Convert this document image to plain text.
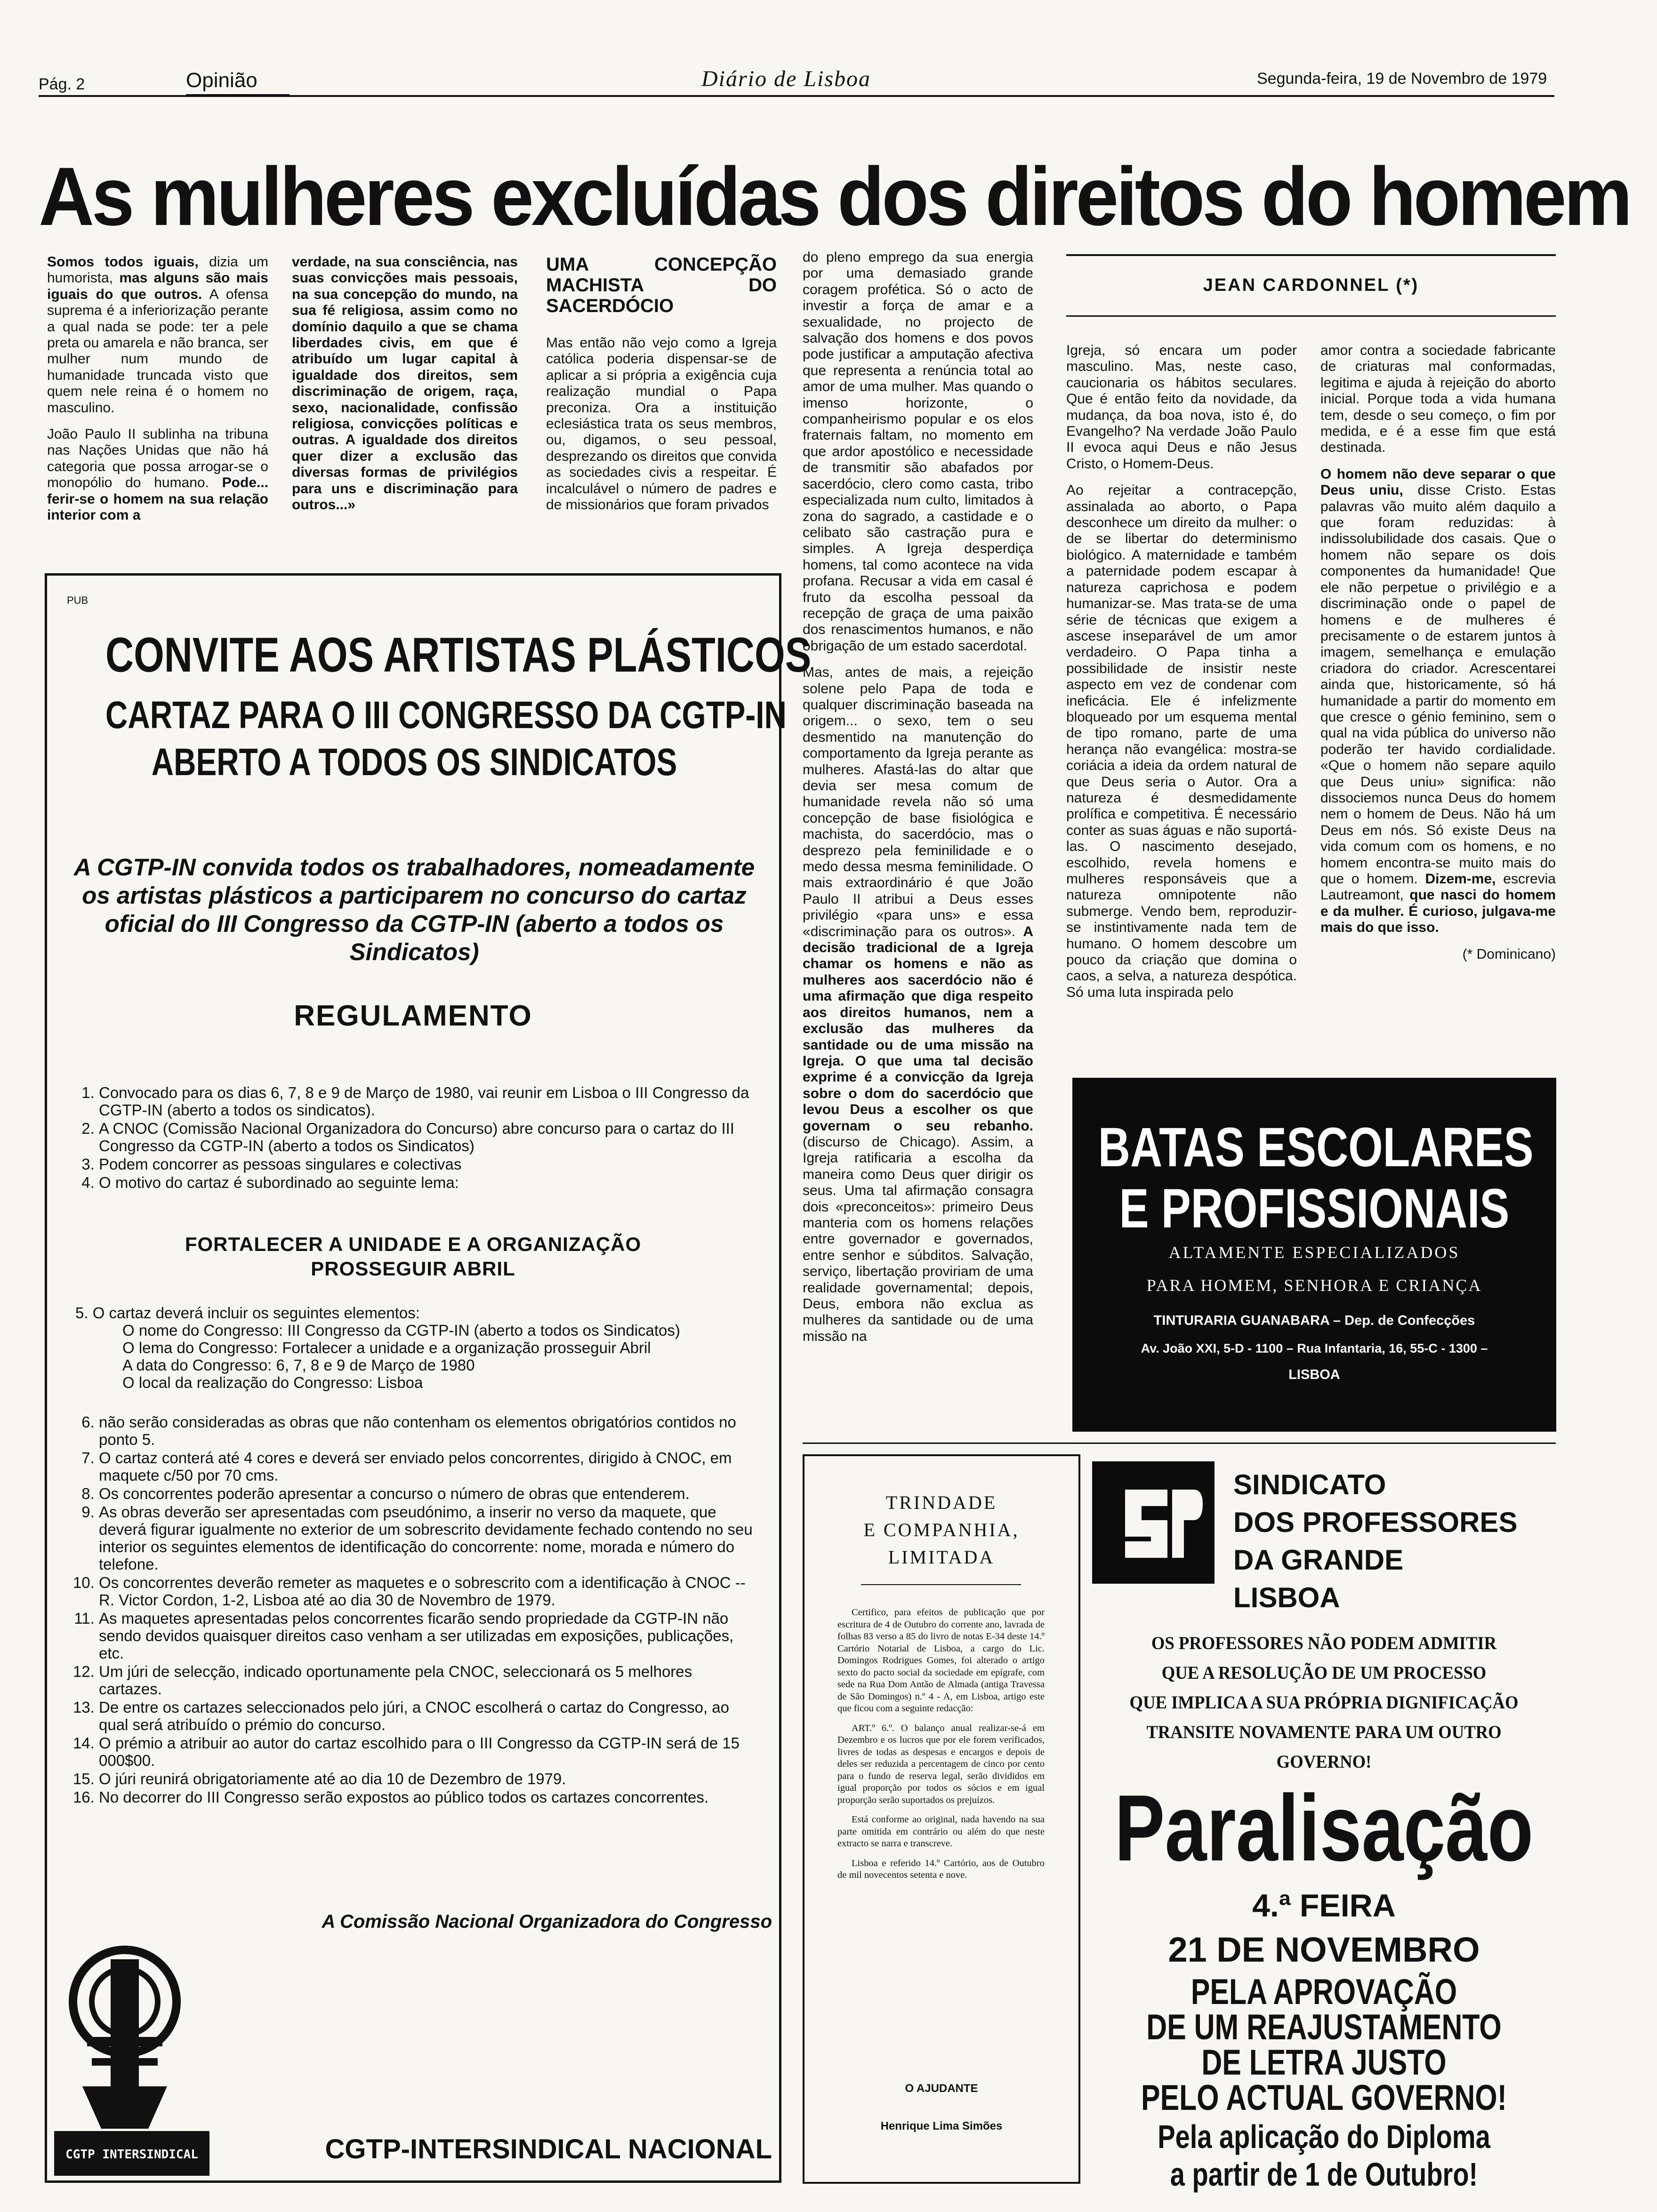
Pág. 2	Opinião	Diário de Lisboa	Segunda-feira, 19 de Novembro de 1979
As mulheres excluídas dos direitos do homem

Somos todos iguais, dizia um humorista, mas alguns são mais iguais do que outros. A ofensa suprema é a inferiorização perante a qual nada se pode: ter a pele preta ou amarela e não branca, ser mulher num mundo de humanidade truncada visto que quem nele reina é o homem no masculino.

João Paulo II sublinha na tribuna nas Nações Unidas que não há categoria que possa arrogar-se o monopólio do humano. Pode... ferir-se o homem na sua relação interior com a

verdade, na sua consciência, nas suas convicções mais pessoais, na sua concepção do mundo, na sua fé religiosa, assim como no domínio daquilo a que se chama liberdades civis, em que é atribuído um lugar capital à igualdade dos direitos, sem discriminação de origem, raça, sexo, nacionalidade, confissão religiosa, convicções políticas e outras. A igualdade dos direitos quer dizer a exclusão das diversas formas de privilégios para uns e discriminação para outros...»
UMA CONCEPÇÃO MACHISTA DO SACERDÓCIO
Mas então não vejo como a Igreja católica poderia dispensar-se de aplicar a si própria a exigência cuja realização mundial o Papa preconiza. Ora a instituição eclesiástica trata os seus membros, ou, digamos, o seu pessoal, desprezando os direitos que convida as sociedades civis a respeitar. É incalculável o número de padres e de missionários que foram privados

do pleno emprego da sua energia por uma demasiado grande coragem profética. Só o acto de investir a força de amar e a sexualidade, no projecto de salvação dos homens e dos povos pode justificar a amputação afectiva que representa a renúncia total ao amor de uma mulher. Mas quando o imenso horizonte, o companheirismo popular e os elos fraternais faltam, no momento em que ardor apostólico e necessidade de transmitir são abafados por sacerdócio, clero como casta, tribo especializada num culto, limitados à zona do sagrado, a castidade e o celibato são castração pura e simples. A Igreja desperdiça homens, tal como acontece na vida profana. Recusar a vida em casal é fruto da escolha pessoal da recepção de graça de uma paixão dos renascimentos humanos, e não obrigação de um estado sacerdotal.

Mas, antes de mais, a rejeição solene pelo Papa de toda e qualquer discriminação baseada na origem... o sexo, tem o seu desmentido na manutenção do comportamento da Igreja perante as mulheres. Afastá-las do altar que devia ser mesa comum de humanidade revela não só uma concepção de base fisiológica e machista, do sacerdócio, mas o desprezo pela feminilidade e o medo dessa mesma feminilidade. O mais extraordinário é que João Paulo II atribui a Deus esses privilégio «para uns» e essa «discriminação para os outros». A decisão tradicional de a Igreja chamar os homens e não as mulheres aos sacerdócio não é uma afirmação que diga respeito aos direitos humanos, nem a exclusão das mulheres da santidade ou de uma missão na Igreja. O que uma tal decisão exprime é a convicção da Igreja sobre o dom do sacerdócio que levou Deus a escolher os que governam o seu rebanho. (discurso de Chicago). Assim, a Igreja ratificaria a escolha da maneira como Deus quer dirigir os seus. Uma tal afirmação consagra dois «preconceitos»: primeiro Deus manteria com os homens relações entre governador e governados, entre senhor e súbditos. Salvação, serviço, libertação proviriam de uma realidade governamental; depois, Deus, embora não exclua as mulheres da santidade ou de uma missão na

JEAN CARDONNEL (*)

Igreja, só encara um poder masculino. Mas, neste caso, caucionaria os hábitos seculares. Que é então feito da novidade, da mudança, da boa nova, isto é, do Evangelho? Na verdade João Paulo II evoca aqui Deus e não Jesus Cristo, o Homem-Deus.

Ao rejeitar a contracepção, assinalada ao aborto, o Papa desconhece um direito da mulher: o de se libertar do determinismo biológico. A maternidade e também a paternidade podem escapar à natureza caprichosa e podem humanizar-se. Mas trata-se de uma série de técnicas que exigem a ascese inseparável de um amor verdadeiro. O Papa tinha a possibilidade de insistir neste aspecto em vez de condenar com ineficácia. Ele é infelizmente bloqueado por um esquema mental de tipo romano, parte de uma herança não evangélica: mostra-se coriácia a ideia da ordem natural de que Deus seria o Autor. Ora a natureza é desmedidamente prolífica e competitiva. É necessário conter as suas águas e não suportá-las. O nascimento desejado, escolhido, revela homens e mulheres responsáveis que a natureza omnipotente não submerge. Vendo bem, reproduzir-se instintivamente nada tem de humano. O homem descobre um pouco da criação que domina o caos, a selva, a natureza despótica. Só uma luta inspirada pelo

amor contra a sociedade fabricante de criaturas mal conformadas, legitima e ajuda à rejeição do aborto inicial. Porque toda a vida humana tem, desde o seu começo, o fim por medida, e é a esse fim que está destinada.

O homem não deve separar o que Deus uniu, disse Cristo. Estas palavras vão muito além daquilo a que foram reduzidas: à indissolubilidade dos casais. Que o homem não separe os dois componentes da humanidade! Que ele não perpetue o privilégio e a discriminação onde o papel de homens e de mulheres é precisamente o de estarem juntos à imagem, semelhança e emulação criadora do criador. Acrescentarei ainda que, historicamente, só há humanidade a partir do momento em que cresce o génio feminino, sem o qual na vida pública do universo não poderão ter havido cordialidade. «Que o homem não separe aquilo que Deus uniu» significa: não dissociemos nunca Deus do homem nem o homem de Deus. Não há um Deus em nós. Só existe Deus na vida comum com os homens, e no homem encontra-se muito mais do que o homem. Dizem-me, escrevia Lautreamont, que nasci do homem e da mulher. É curioso, julgava-me mais do que isso.

(* Dominicano)
PUB
CONVITE AOS ARTISTAS PLÁSTICOS
CARTAZ PARA O III CONGRESSO DA CGTP-IN
ABERTO A TODOS OS SINDICATOS
A CGTP-IN convida todos os trabalhadores, nomeadamente os artistas plásticos a participarem no concurso do cartaz oficial do III Congresso da CGTP-IN (aberto a todos os Sindicatos)
REGULAMENTO
1. Convocado para os dias 6, 7, 8 e 9 de Março de 1980, vai reunir em Lisboa o III Congresso da CGTP-IN (aberto a todos os sindicatos).
2. A CNOC (Comissão Nacional Organizadora do Concurso) abre concurso para o cartaz do III Congresso da CGTP-IN (aberto a todos os Sindicatos)
3. Podem concorrer as pessoas singulares e colectivas
4. O motivo do cartaz é subordinado ao seguinte lema:
FORTALECER A UNIDADE E A ORGANIZAÇÃO
PROSSEGUIR ABRIL
5. O cartaz deverá incluir os seguintes elementos:
O nome do Congresso: III Congresso da CGTP-IN (aberto a todos os Sindicatos)
O lema do Congresso: Fortalecer a unidade e a organização prosseguir Abril
A data do Congresso: 6, 7, 8 e 9 de Março de 1980
O local da realização do Congresso: Lisboa
6. não serão consideradas as obras que não contenham os elementos obrigatórios contidos no ponto 5.
7. O cartaz conterá até 4 cores e deverá ser enviado pelos concorrentes, dirigido à CNOC, em maquete c/50 por 70 cms.
8. Os concorrentes poderão apresentar a concurso o número de obras que entenderem.
9. As obras deverão ser apresentadas com pseudónimo, a inserir no verso da maquete, que deverá figurar igualmente no exterior de um sobrescrito devidamente fechado contendo no seu interior os seguintes elementos de identificação do concorrente: nome, morada e número do telefone.
10. Os concorrentes deverão remeter as maquetes e o sobrescrito com a identificação à CNOC -- R. Victor Cordon, 1-2, Lisboa até ao dia 30 de Novembro de 1979.
11. As maquetes apresentadas pelos concorrentes ficarão sendo propriedade da CGTP-IN não sendo devidos quaisquer direitos caso venham a ser utilizadas em exposições, publicações, etc.
12. Um júri de selecção, indicado oportunamente pela CNOC, seleccionará os 5 melhores cartazes.
13. De entre os cartazes seleccionados pelo júri, a CNOC escolherá o cartaz do Congresso, ao qual será atribuído o prémio do concurso.
14. O prémio a atribuir ao autor do cartaz escolhido para o III Congresso da CGTP-IN será de 15 000$00.
15. O júri reunirá obrigatoriamente até ao dia 10 de Dezembro de 1979.
16. No decorrer do III Congresso serão expostos ao público todos os cartazes concorrentes.
A Comissão Nacional Organizadora do Congresso
CGTP INTERSINDICAL	CGTP-INTERSINDICAL NACIONAL
BATAS ESCOLARES
E PROFISSIONAIS
ALTAMENTE ESPECIALIZADOS
PARA HOMEM, SENHORA E CRIANÇA
TINTURARIA GUANABARA – Dep. de Confecções
Av. João XXI, 5-D - 1100 – Rua Infantaria, 16, 55-C - 1300 –
LISBOA
TRINDADE
E COMPANHIA,
LIMITADA

Certifico, para efeitos de publicação que por escritura de 4 de Outubro do corrente ano, lavrada de folhas 83 verso a 85 do livro de notas E-34 deste 14.º Cartório Notarial de Lisboa, a cargo do Lic. Domingos Rodrigues Gomes, foi alterado o artigo sexto do pacto social da sociedade em epígrafe, com sede na Rua Dom Antão de Almada (antiga Travessa de São Domingos) n.º 4 - A, em Lisboa, artigo este que ficou com a seguinte redacção:

ART.º 6.º. O balanço anual realizar-se-á em Dezembro e os lucros que por ele forem verificados, livres de todas as despesas e encargos e depois de deles ser reduzida a percentagem de cinco por cento para o fundo de reserva legal, serão divididos em igual proporção por todos os sócios e em igual proporção serão suportados os prejuízos.

Está conforme ao original, nada havendo na sua parte omitida em contrário ou além do que neste extracto se narra e transcreve.

Lisboa e referido 14.º Cartório, aos de Outubro de mil novecentos setenta e nove.

O AJUDANTE
Henrique Lima Simões
SINDICATO
DOS PROFESSORES
DA GRANDE
LISBOA
OS PROFESSORES NÃO PODEM ADMITIR
QUE A RESOLUÇÃO DE UM PROCESSO
QUE IMPLICA A SUA PRÓPRIA DIGNIFICAÇÃO
TRANSITE NOVAMENTE PARA UM OUTRO
GOVERNO!
Paralisação
4.ª FEIRA
21 DE NOVEMBRO
PELA APROVAÇÃO
DE UM REAJUSTAMENTO
DE LETRA JUSTO
PELO ACTUAL GOVERNO!
Pela aplicação do Diploma
a partir de 1 de Outubro!
